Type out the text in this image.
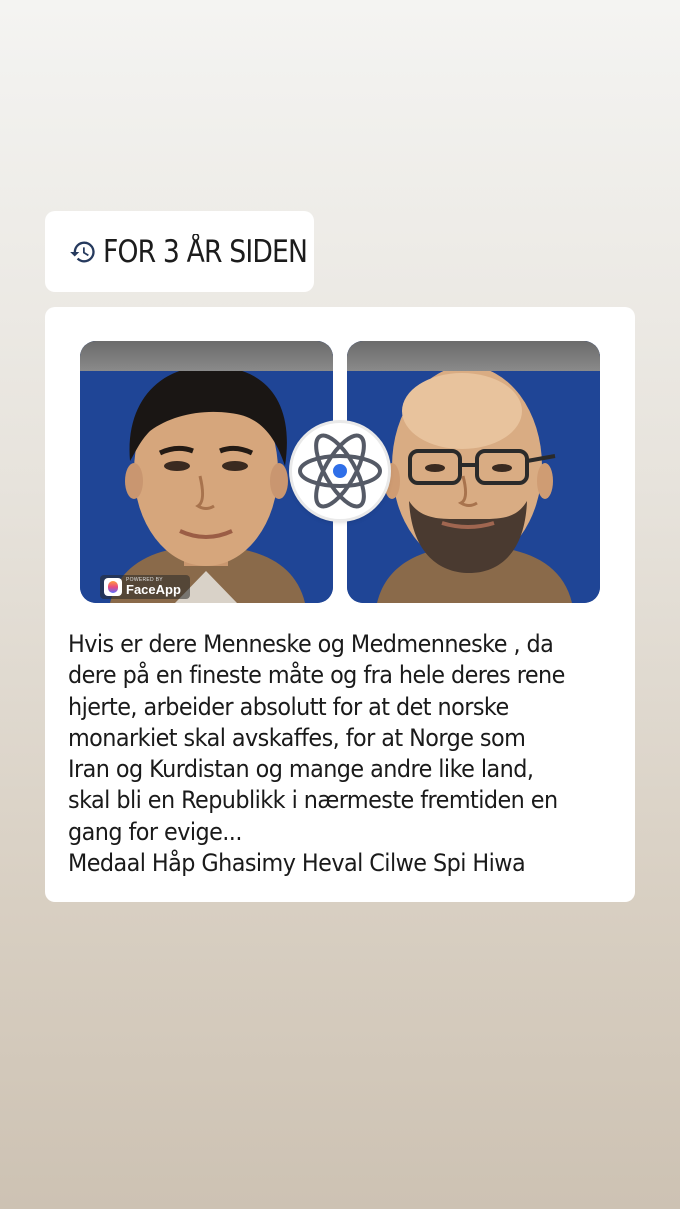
FOR 3 ÅR SIDEN
POWERED BY
FaceApp
Hvis er dere Menneske og Medmenneske , da
dere på en fineste måte og fra hele deres rene
hjerte, arbeider absolutt for at det norske
monarkiet skal avskaffes, for at Norge som
Iran og Kurdistan og mange andre like land,
skal bli en Republikk i nærmeste fremtiden en
gang for evige...
Medaal Håp Ghasimy Heval Cilwe Spi Hiwa
